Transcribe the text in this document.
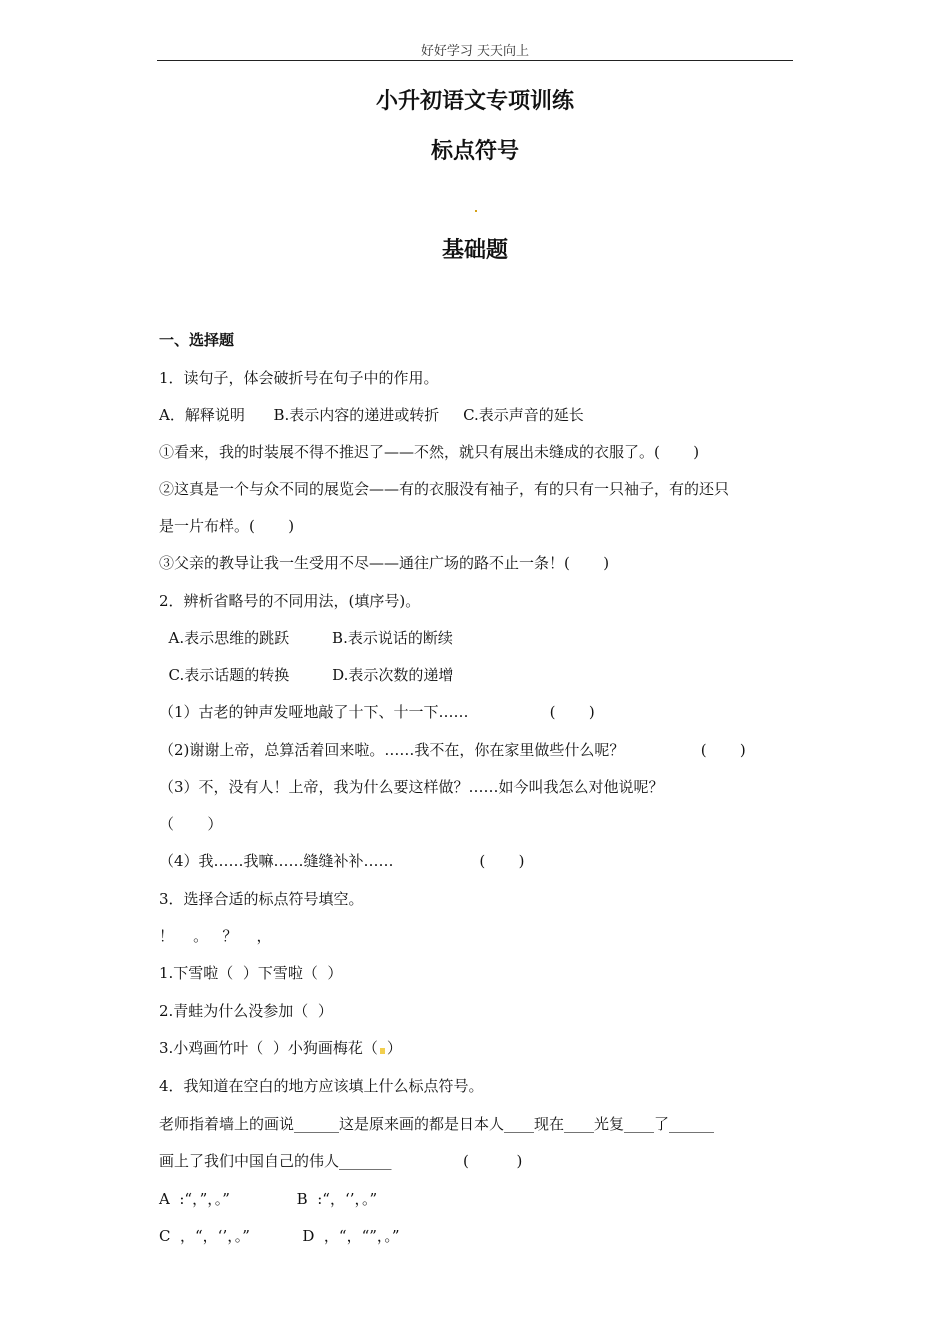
好好学习 天天向上
小升初语文专项训练
标点符号
基础题
一、选择题
1．读句子，体会破折号在句子中的作用。
A．解释说明      B.表示内容的递进或转折     C.表示声音的延长
①看来，我的时装展不得不推迟了——不然，就只有展出未缝成的衣服了。(       )
②这真是一个与众不同的展览会——有的衣服没有袖子，有的只有一只袖子，有的还只
是一片布样。(       )
③父亲的教导让我一生受用不尽——通往广场的路不止一条！(       )
2．辨析省略号的不同用法，(填序号)。
A.表示思维的跳跃         B.表示说话的断续
C.表示话题的转换         D.表示次数的递增
（1）古老的钟声发哑地敲了十下、十一下……                 (       )
（2)谢谢上帝，总算活着回来啦。……我不在，你在家里做些什么呢？                (       )
（3）不，没有人！上帝，我为什么要这样做？……如今叫我怎么对他说呢？
（       ）
（4）我……我嘛……缝缝补补……                  (       )
3．选择合适的标点符号填空。
！    。   ？    ，
1.下雪啦（  ）下雪啦（  ）
2.青蛙为什么没参加（  ）
3.小鸡画竹叶（  ）小狗画梅花（ ）
4．我知道在空白的地方应该填上什么标点符号。
老师指着墙上的画说______这是原来画的都是日本人____现在____光复____了______
画上了我们中国自己的伟人_______               (          )
A  :“，”，。”              B  :“，‘’，。”
C  ，“，‘’，。”           D  ，“，“”，。”
